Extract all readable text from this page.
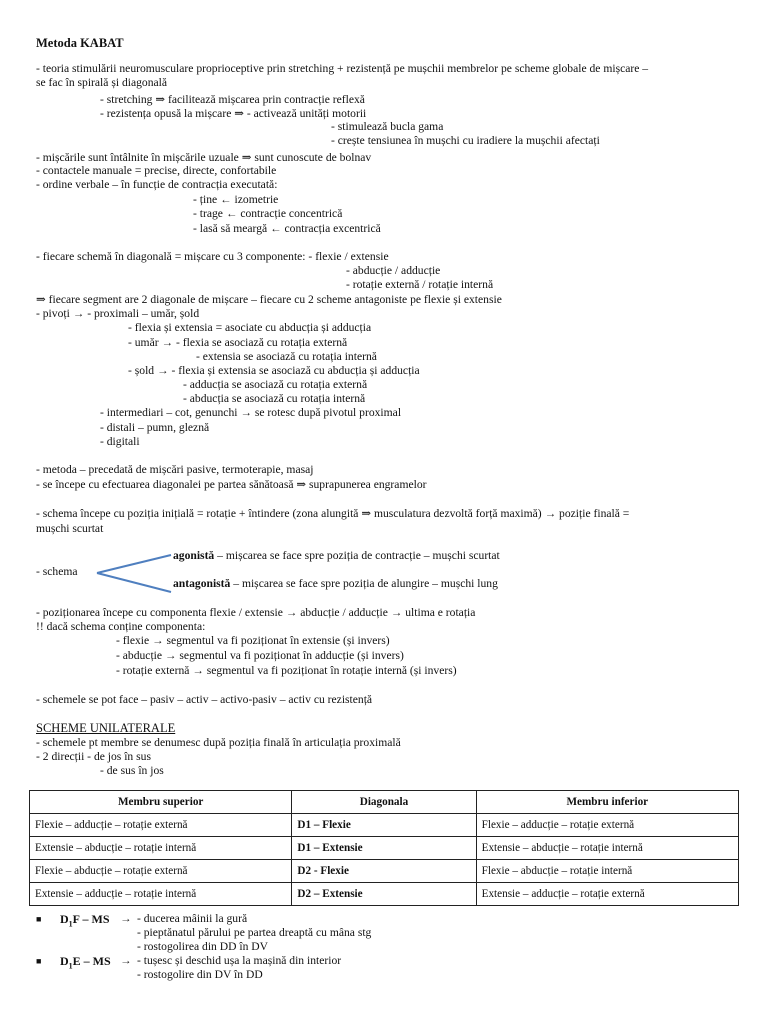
Metoda KABAT
- teoria stimulării neuromusculare proprioceptive prin stretching + rezistență pe mușchii membrelor pe scheme globale de mișcare –
se fac în spirală și diagonală
- stretching ⇒ facilitează mișcarea prin contracție reflexă
- rezistența opusă la mișcare ⇒ - activează unități motorii
- stimulează bucla gama
- crește tensiunea în mușchi cu iradiere la mușchii afectați
- mișcările sunt întâlnite în mișcările uzuale ⇒ sunt cunoscute de bolnav
- contactele manuale = precise, directe, confortabile
- ordine verbale – în funcție de contracția executată:
- ține ← izometrie
- trage ← contracție concentrică
- lasă să meargă ← contracția excentrică
- fiecare schemă în diagonală = mișcare cu 3 componente: - flexie / extensie
- abducție / adducție
- rotație externă / rotație internă
⇒ fiecare segment are 2 diagonale de mișcare – fiecare cu 2 scheme antagoniste pe flexie și extensie
- pivoți → - proximali – umăr, șold
- flexia și extensia = asociate cu abducția și adducția
- umăr → - flexia se asociază cu rotația externă
- extensia se asociază cu rotația internă
- șold → - flexia și extensia se asociază cu abducția și adducția
- adducția se asociază cu rotația externă
- abducția se asociază cu rotația internă
- intermediari – cot, genunchi → se rotesc după pivotul proximal
- distali – pumn, gleznă
- digitali
- metoda – precedată de mișcări pasive, termoterapie, masaj
- se începe cu efectuarea diagonalei pe partea sănătoasă ⇒ suprapunerea engramelor
- schema începe cu poziția inițială = rotație + întindere (zona alungită ⇒ musculatura dezvoltă forță maximă) → poziție finală =
mușchi scurtat
- schema
agonistă – mișcarea se face spre poziția de contracție – mușchi scurtat
antagonistă – mișcarea se face spre poziția de alungire – mușchi lung
- poziționarea începe cu componenta flexie / extensie → abducție / adducție → ultima e rotația
!! dacă schema conține componenta:
- flexie → segmentul va fi poziționat în extensie (și invers)
- abducție → segmentul va fi poziționat în adducție (și invers)
- rotație externă → segmentul va fi poziționat în rotație internă (și invers)
- schemele se pot face – pasiv – activ – activo-pasiv – activ cu rezistență
SCHEME UNILATERALE
- schemele pt membre se denumesc după poziția finală în articulația proximală
- 2 direcții - de jos în sus
- de sus în jos
Membru superior	Diagonala	Membru inferior
Flexie – adducție – rotație externă	D1 – Flexie	Flexie – adducție – rotație externă
Extensie – abducție – rotație internă	D1 – Extensie	Extensie – abducție – rotație internă
Flexie – abducție – rotație externă	D2 - Flexie	Flexie – abducție – rotație internă
Extensie – adducție – rotație internă	D2 – Extensie	Extensie – adducție – rotație externă
■ $D_1F$ – MS → - ducerea mâinii la gură
- pieptănatul părului pe partea dreaptă cu mâna stg
- rostogolirea din DD în DV
■ $D_1E$ – MS → - tușesc și deschid ușa la mașină din interior
- rostogolire din DV în DD
